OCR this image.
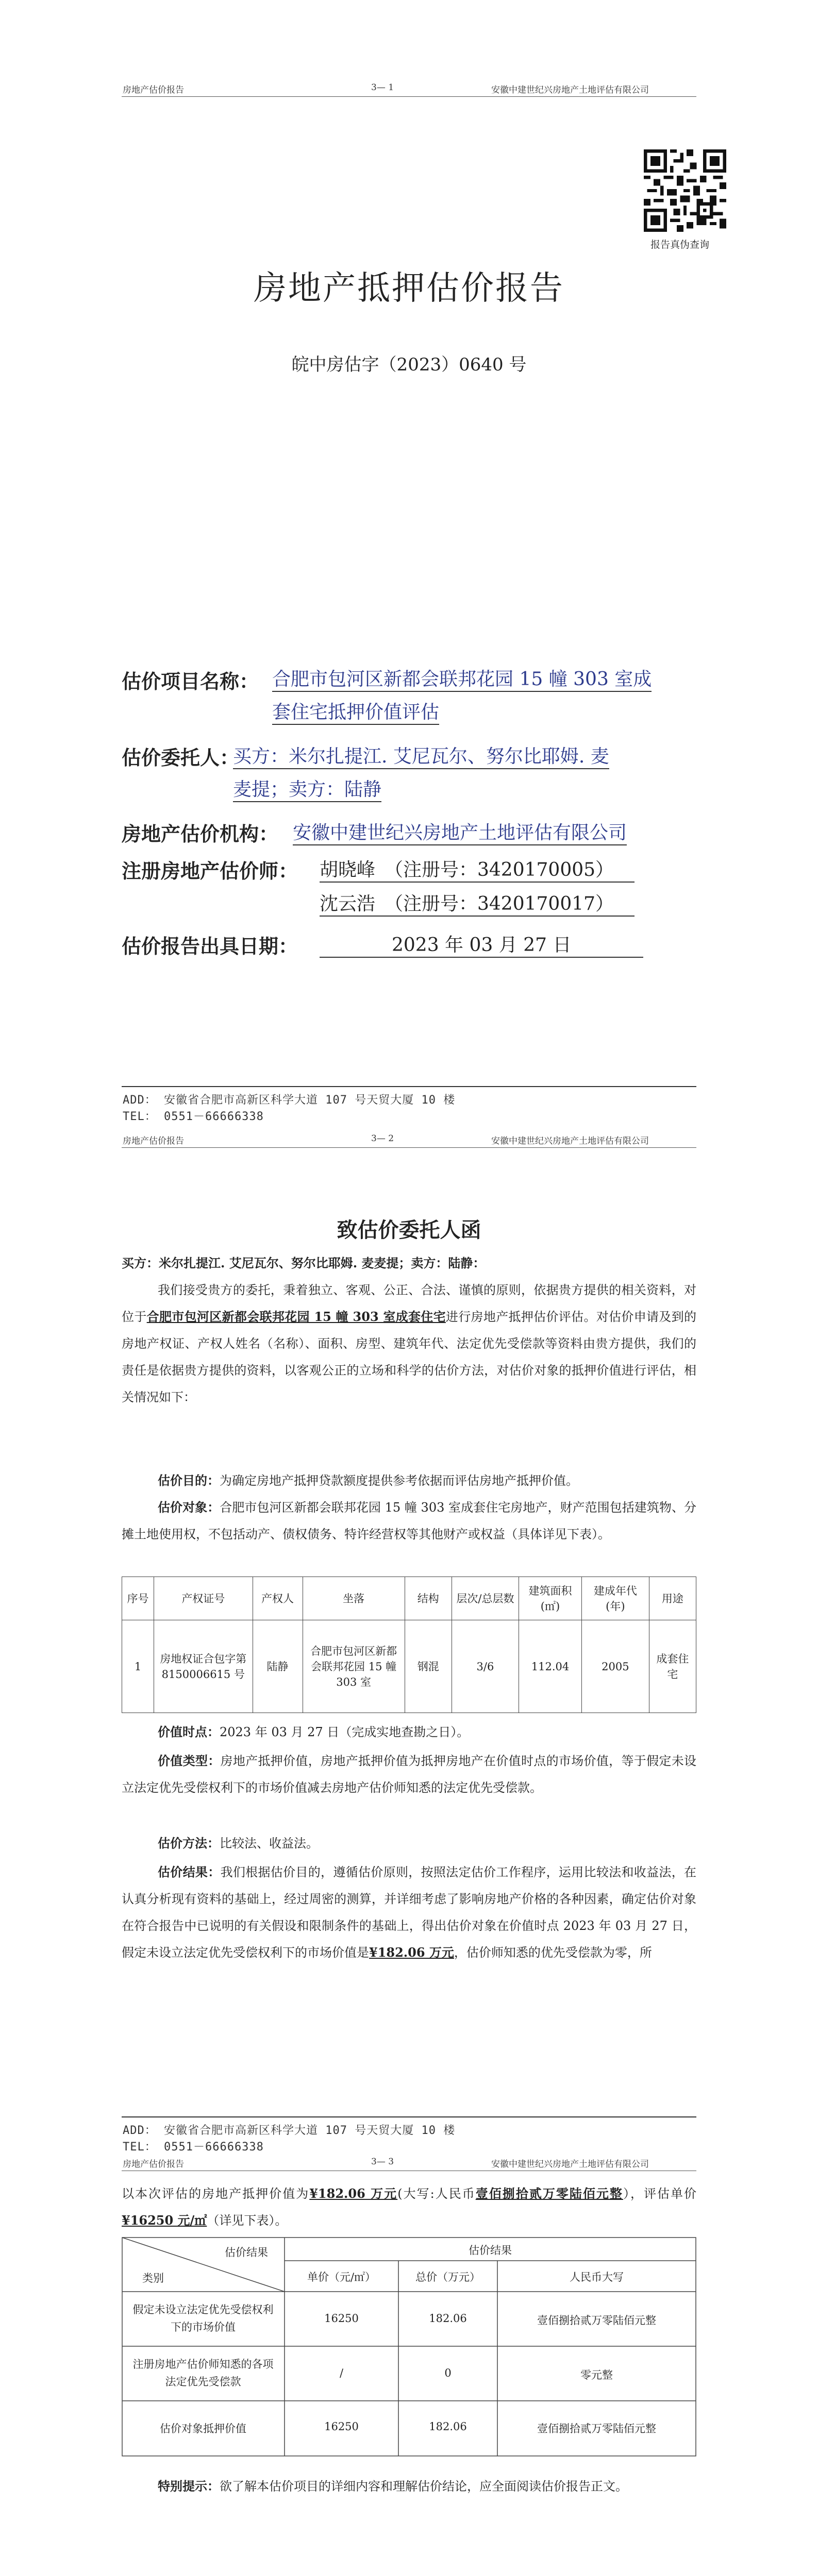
房地产估价报告	3— 1	安徽中建世纪兴房地产土地评估有限公司
报告真伪查询
房地产抵押估价报告
皖中房估字（2023）0640 号
估价项目名称： 合肥市包河区新都会联邦花园 15 幢 303 室成
套住宅抵押价值评估
估价委托人：
买方：米尔扎提江. 艾尼瓦尔、努尔比耶姆. 麦
麦提；卖方：陆静
房地产估价机构： 安徽中建世纪兴房地产土地评估有限公司
注册房地产估价师： 胡晓峰　（注册号：3420170005）
沈云浩　（注册号：3420170017）
估价报告出具日期：	2023 年 03 月 27 日
ADD： 安徽省合肥市高新区科学大道 107 号天贸大厦 10 楼
TEL： 0551－66666338
房地产估价报告	3— 2	安徽中建世纪兴房地产土地评估有限公司
致估价委托人函
买方：米尔扎提江. 艾尼瓦尔、努尔比耶姆. 麦麦提；卖方：陆静：
我们接受贵方的委托，秉着独立、客观、公正、合法、谨慎的原则，依据贵方提供的相关资料，对位于合肥市包河区新都会联邦花园 15 幢 303 室成套住宅进行房地产抵押估价评估。对估价申请及到的房地产权证、产权人姓名（名称）、面积、房型、建筑年代、法定优先受偿款等资料由贵方提供，我们的责任是依据贵方提供的资料，以客观公正的立场和科学的估价方法，对估价对象的抵押价值进行评估，相关情况如下：
估价目的：为确定房地产抵押贷款额度提供参考依据而评估房地产抵押价值。
估价对象：合肥市包河区新都会联邦花园 15 幢 303 室成套住宅房地产，财产范围包括建筑物、分摊土地使用权，不包括动产、债权债务、特许经营权等其他财产或权益（具体详见下表）。
序号	产权证号	产权人	坐落	结构	层次/总层数	建筑面积(㎡)	建成年代(年)	用途
1	房地权证合包字第 8150006615 号	陆静	合肥市包河区新都会联邦花园 15 幢 303 室	钢混	3/6	112.04	2005	成套住宅
价值时点：2023 年 03 月 27 日（完成实地查勘之日）。
价值类型：房地产抵押价值，房地产抵押价值为抵押房地产在价值时点的市场价值，等于假定未设立法定优先受偿权利下的市场价值减去房地产估价师知悉的法定优先受偿款。
估价方法：比较法、收益法。
估价结果：我们根据估价目的，遵循估价原则，按照法定估价工作程序，运用比较法和收益法，在认真分析现有资料的基础上，经过周密的测算，并详细考虑了影响房地产价格的各种因素，确定估价对象在符合报告中已说明的有关假设和限制条件的基础上，得出估价对象在价值时点 2023 年 03 月 27 日，假定未设立法定优先受偿权利下的市场价值是¥182.06 万元，估价师知悉的优先受偿款为零，所
ADD： 安徽省合肥市高新区科学大道 107 号天贸大厦 10 楼
TEL： 0551－66666338
房地产估价报告	3— 3	安徽中建世纪兴房地产土地评估有限公司
以本次评估的房地产抵押价值为¥182.06 万元(大写:人民币壹佰捌拾贰万零陆佰元整），评估单价¥16250 元/㎡（详见下表）。
估价结果
类别
估价结果
单价（元/㎡）	总价（万元）	人民币大写
假定未设立法定优先受偿权利下的市场价值
16250	182.06	壹佰捌拾贰万零陆佰元整
注册房地产估价师知悉的各项法定优先受偿款
/	0	零元整
估价对象抵押价值	16250	182.06	壹佰捌拾贰万零陆佰元整
特别提示：欲了解本估价项目的详细内容和理解估价结论，应全面阅读估价报告正文。
